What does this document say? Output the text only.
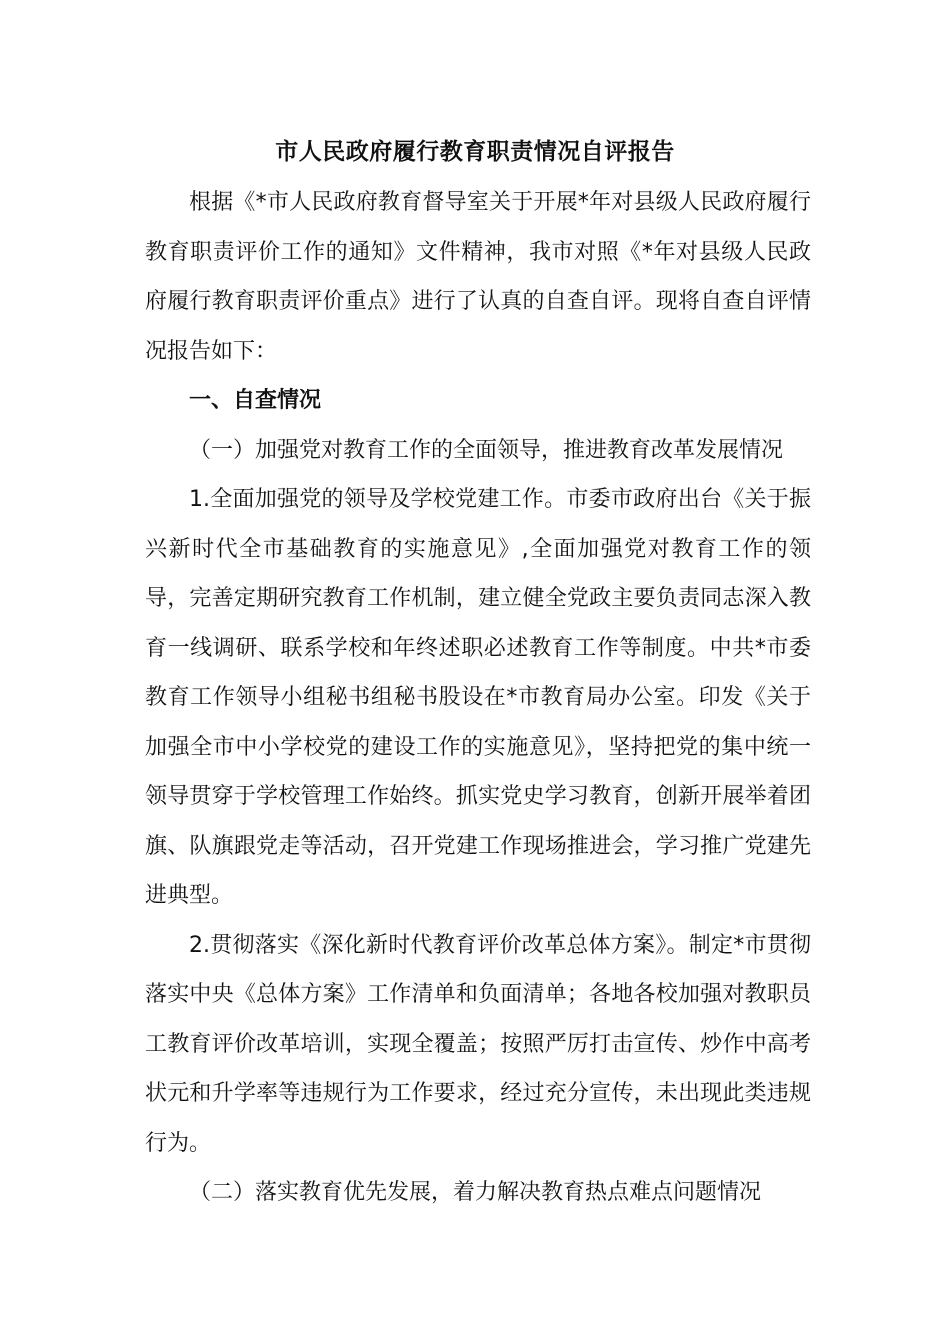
市人民政府履行教育职责情况自评报告

根据《*市人民政府教育督导室关于开展*年对县级人民政府履行教育职责评价工作的通知》文件精神，我市对照《*年对县级人民政府履行教育职责评价重点》进行了认真的自查自评。现将自查自评情况报告如下：

一、自查情况

（一）加强党对教育工作的全面领导，推进教育改革发展情况

1.全面加强党的领导及学校党建工作。市委市政府出台《关于振兴新时代全市基础教育的实施意见》,全面加强党对教育工作的领导，完善定期研究教育工作机制，建立健全党政主要负责同志深入教育一线调研、联系学校和年终述职必述教育工作等制度。中共*市委教育工作领导小组秘书组秘书股设在*市教育局办公室。印发《关于加强全市中小学校党的建设工作的实施意见》，坚持把党的集中统一领导贯穿于学校管理工作始终。抓实党史学习教育，创新开展举着团旗、队旗跟党走等活动，召开党建工作现场推进会，学习推广党建先进典型。

2.贯彻落实《深化新时代教育评价改革总体方案》。制定*市贯彻落实中央《总体方案》工作清单和负面清单；各地各校加强对教职员工教育评价改革培训，实现全覆盖；按照严厉打击宣传、炒作中高考状元和升学率等违规行为工作要求，经过充分宣传，未出现此类违规行为。

（二）落实教育优先发展，着力解决教育热点难点问题情况
